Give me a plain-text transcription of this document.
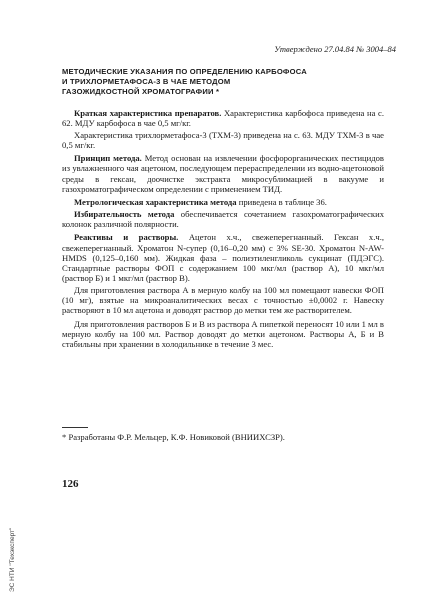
Утверждено 27.04.84 № 3004–84
МЕТОДИЧЕСКИЕ УКАЗАНИЯ ПО ОПРЕДЕЛЕНИЮ КАРБОФОСА
И ТРИХЛОРМЕТАФОСА-3 В ЧАЕ МЕТОДОМ
ГАЗОЖИДКОСТНОЙ ХРОМАТОГРАФИИ *

Краткая характеристика препаратов. Характеристика карбофоса приведена на с. 62. МДУ карбофоса в чае 0,5 мг/кг.

Характеристика трихлорметафоса-3 (ТХМ-3) приведена на с. 63. МДУ ТХМ-3 в чае 0,5 мг/кг.

Принцип метода. Метод основан на извлечении фосфорорганических пестицидов из увлажненного чая ацетоном, последующем перераспределении из водно-ацетоновой среды в гексан, доочистке экстракта микросублимацией в вакууме и газохроматографическом определении с применением ТИД.

Метрологическая характеристика метода приведена в таблице 36.

Избирательность метода обеспечивается сочетанием газохроматографических колонок различной полярности.

Реактивы и растворы. Ацетон х.ч., свежеперегнанный. Гексан х.ч., свежеперегнанный. Хроматон N-супер (0,16–0,20 мм) с 3% SE-30. Хроматон N-AW-HMDS (0,125–0,160 мм). Жидкая фаза – полиэтиленгликоль сукцинат (ПДЭГС). Стандартные растворы ФОП с содержанием 100 мкг/мл (раствор А), 10 мкг/мл (раствор Б) и 1 мкг/мл (раствор В).

Для приготовления раствора А в мерную колбу на 100 мл помещают навески ФОП (10 мг), взятые на микроаналитических весах с точностью ±0,0002 г. Навеску растворяют в 10 мл ацетона и доводят раствор до метки тем же растворителем.

Для приготовления растворов Б и В из раствора А пипеткой переносят 10 или 1 мл в мерную колбу на 100 мл. Раствор доводят до метки ацетоном. Растворы А, Б и В стабильны при хранении в холодильнике в течение 3 мес.

* Разработаны Ф.Р. Мельцер, К.Ф. Новиковой (ВНИИХСЗР).
126
ЭС НТИ "Техэксперт"
